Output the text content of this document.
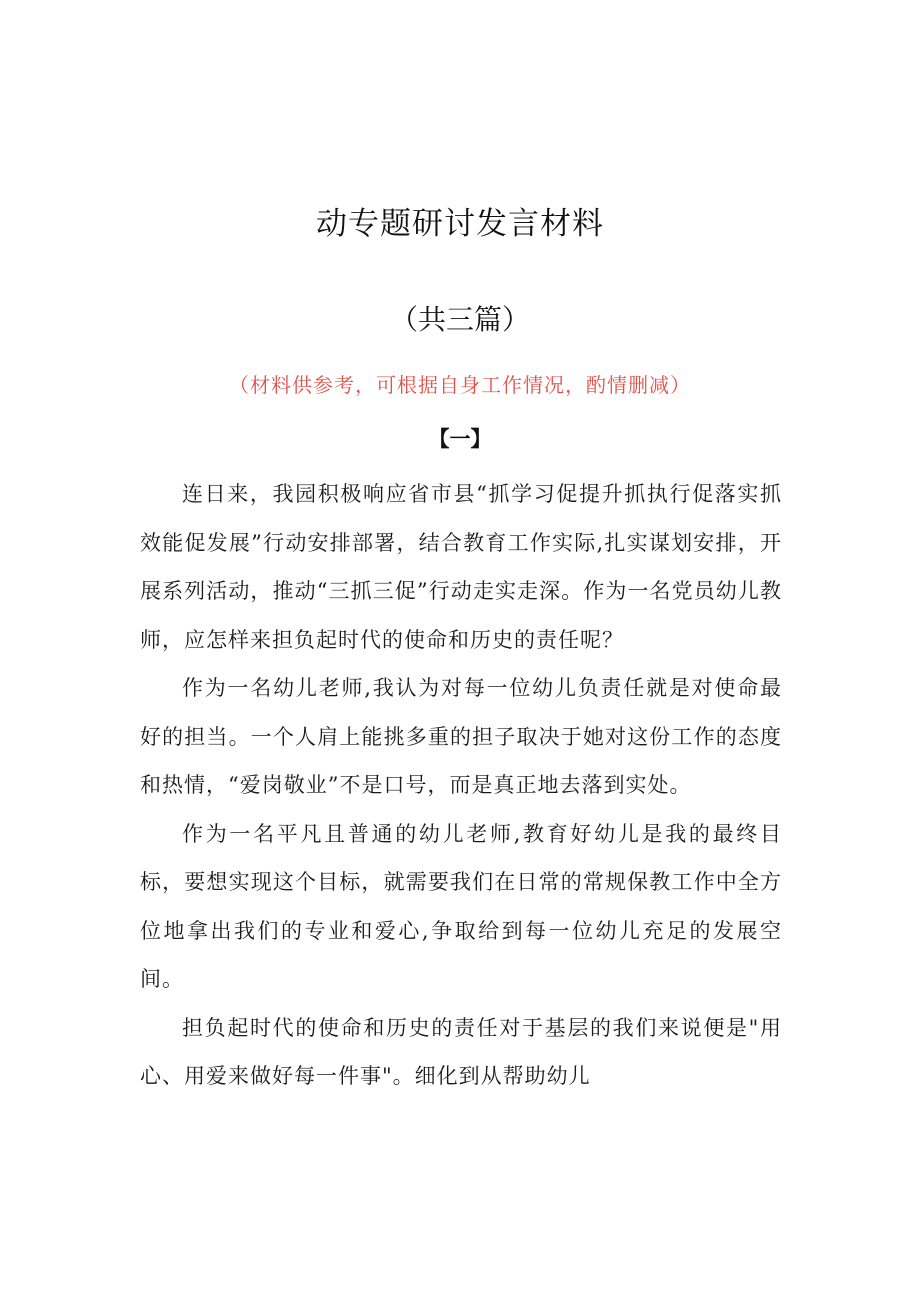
动专题研讨发言材料
（共三篇）
（材料供参考，可根据自身工作情况，酌情删减）
【一】

连日来，我园积极响应省市县“抓学习促提升抓执行促落实抓效能促发展”行动安排部署，结合教育工作实际,扎实谋划安排，开展系列活动，推动“三抓三促”行动走实走深。作为一名党员幼儿教师，应怎样来担负起时代的使命和历史的责任呢？

作为一名幼儿老师,我认为对每一位幼儿负责任就是对使命最好的担当。一个人肩上能挑多重的担子取决于她对这份工作的态度和热情，“爱岗敬业”不是口号，而是真正地去落到实处。

作为一名平凡且普通的幼儿老师,教育好幼儿是我的最终目标，要想实现这个目标，就需要我们在日常的常规保教工作中全方位地拿出我们的专业和爱心,争取给到每一位幼儿充足的发展空间。

担负起时代的使命和历史的责任对于基层的我们来说便是"用心、用爱来做好每一件事"。细化到从帮助幼儿
